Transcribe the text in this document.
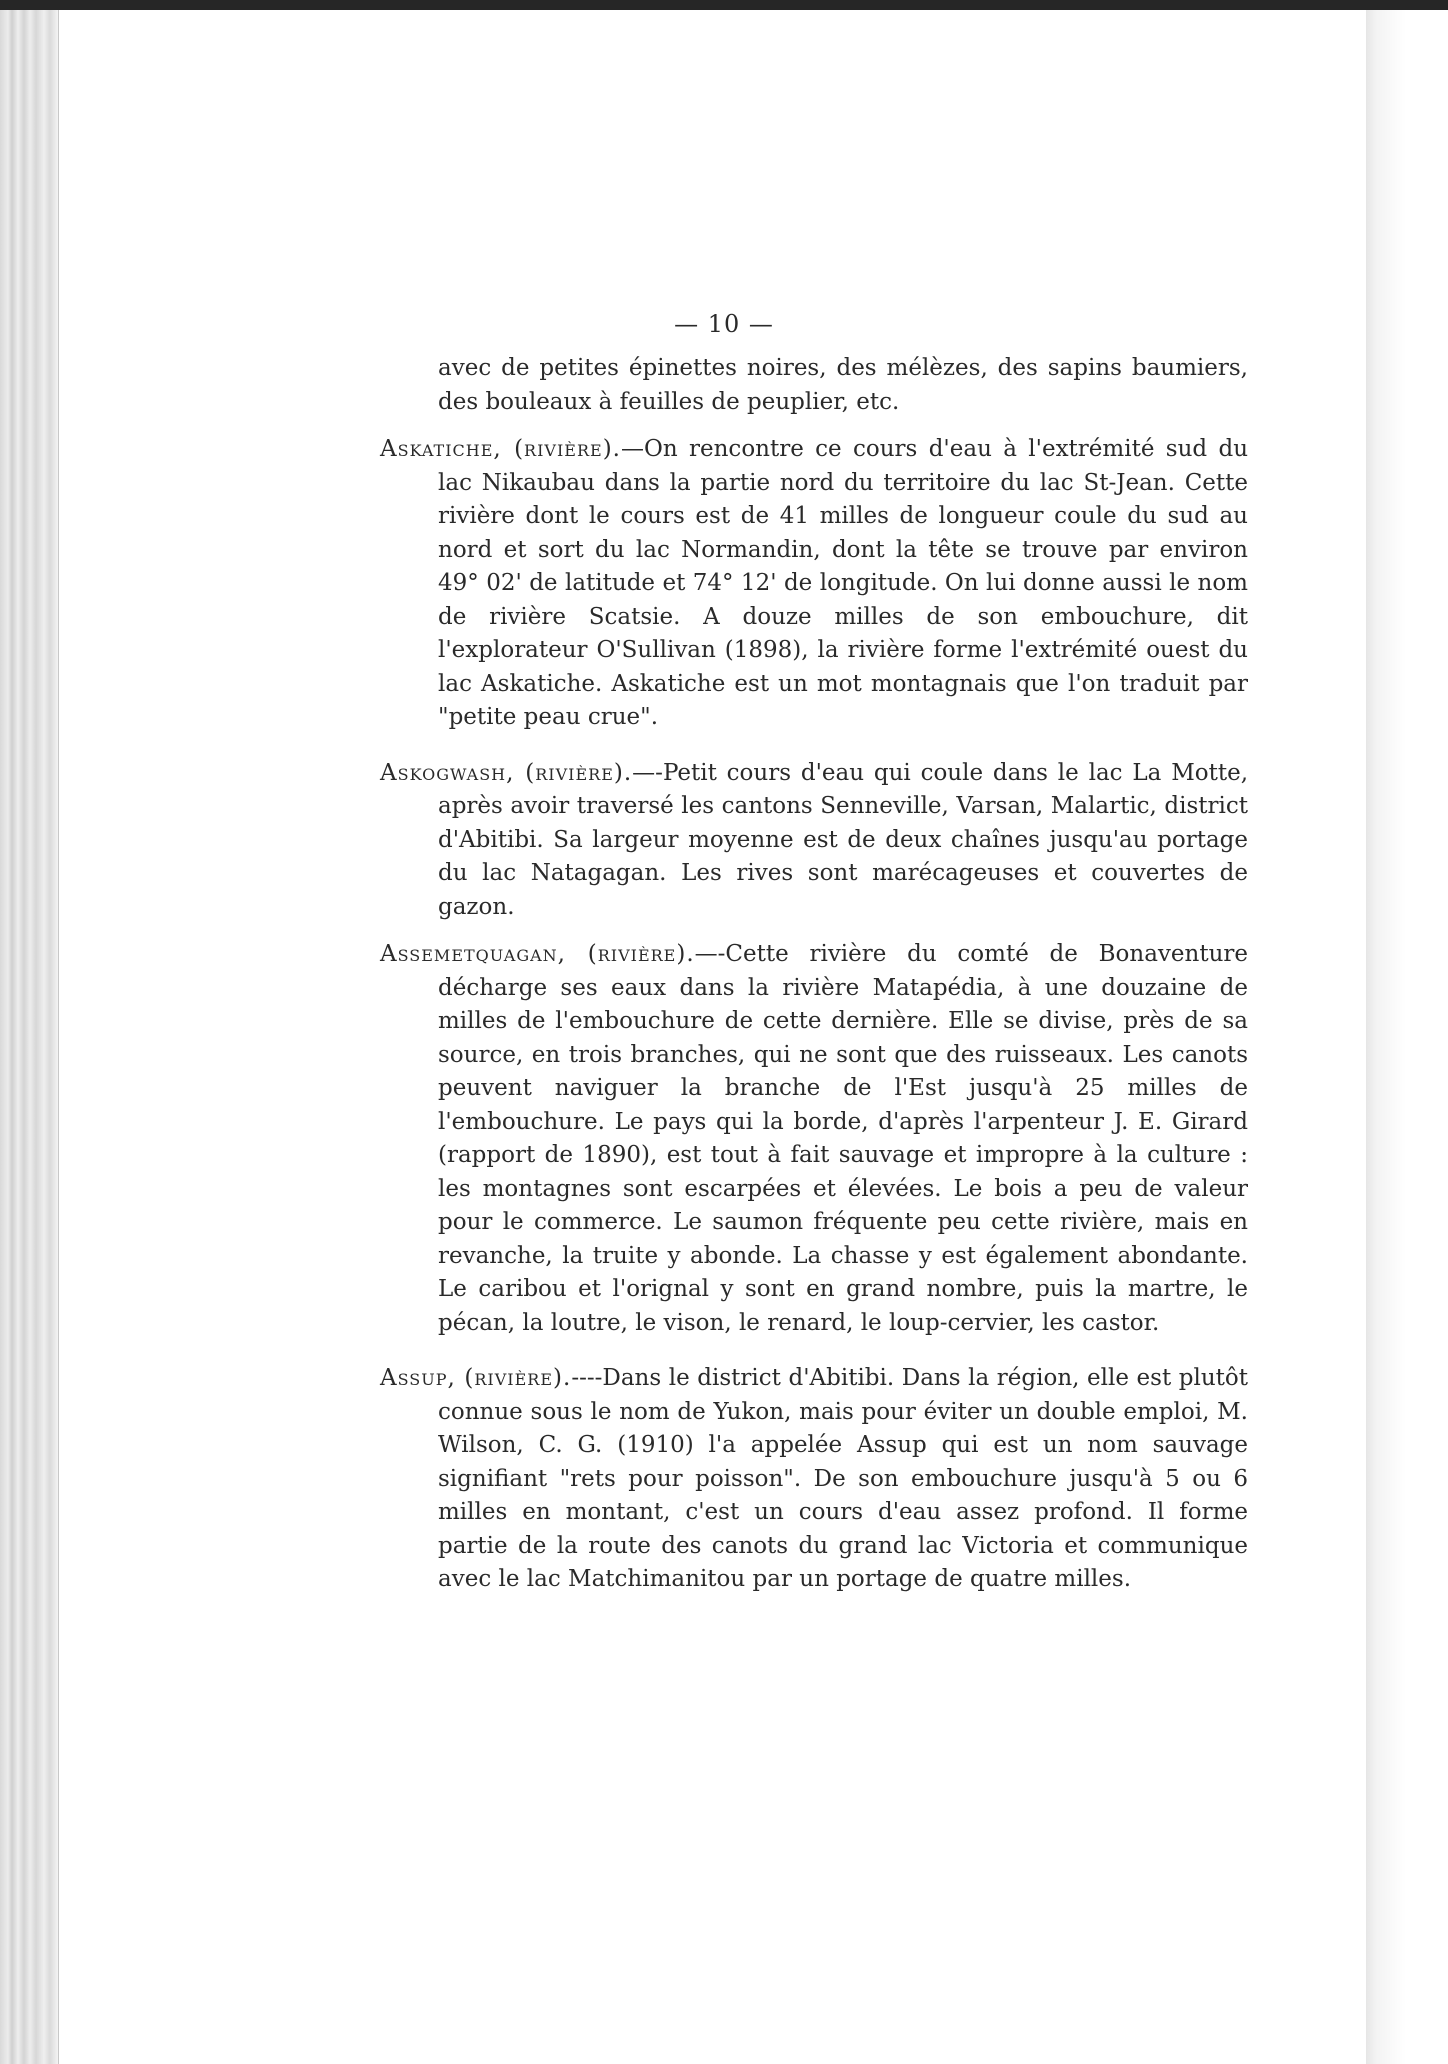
— 10 —

avec de petites épinettes noires, des mélèzes, des sapins baumiers, des bouleaux à feuilles de peuplier, etc.

Askatiche, (rivière).—On rencontre ce cours d'eau à l'extrémité sud du lac Nikaubau dans la partie nord du territoire du lac St-Jean. Cette rivière dont le cours est de 41 milles de longueur coule du sud au nord et sort du lac Normandin, dont la tête se trouve par environ 49° 02' de latitude et 74° 12' de longitude. On lui donne aussi le nom de rivière Scatsie. A douze milles de son embouchure, dit l'explorateur O'Sullivan (1898), la rivière forme l'extrémité ouest du lac Askatiche. Askatiche est un mot montagnais que l'on traduit par "petite peau crue".

Askogwash, (rivière).—-Petit cours d'eau qui coule dans le lac La Motte, après avoir traversé les cantons Senneville, Varsan, Malartic, district d'Abitibi. Sa largeur moyenne est de deux chaînes jusqu'au portage du lac Natagagan. Les rives sont marécageuses et couvertes de gazon.

Assemetquagan, (rivière).—-Cette rivière du comté de Bonaventure décharge ses eaux dans la rivière Matapédia, à une douzaine de milles de l'embouchure de cette dernière. Elle se divise, près de sa source, en trois branches, qui ne sont que des ruisseaux. Les canots peuvent naviguer la branche de l'Est jusqu'à 25 milles de l'embouchure. Le pays qui la borde, d'après l'arpenteur J. E. Girard (rapport de 1890), est tout à fait sauvage et impropre à la culture : les montagnes sont escarpées et élevées. Le bois a peu de valeur pour le commerce. Le saumon fréquente peu cette rivière, mais en revanche, la truite y abonde. La chasse y est également abondante. Le caribou et l'orignal y sont en grand nombre, puis la martre, le pécan, la loutre, le vison, le renard, le loup-cervier, les castor.

Assup, (rivière).----Dans le district d'Abitibi. Dans la région, elle est plutôt connue sous le nom de Yukon, mais pour éviter un double emploi, M. Wilson, C. G. (1910) l'a appelée Assup qui est un nom sauvage signifiant "rets pour poisson". De son embouchure jusqu'à 5 ou 6 milles en montant, c'est un cours d'eau assez profond. Il forme partie de la route des canots du grand lac Victoria et communique avec le lac Matchimanitou par un portage de quatre milles.
